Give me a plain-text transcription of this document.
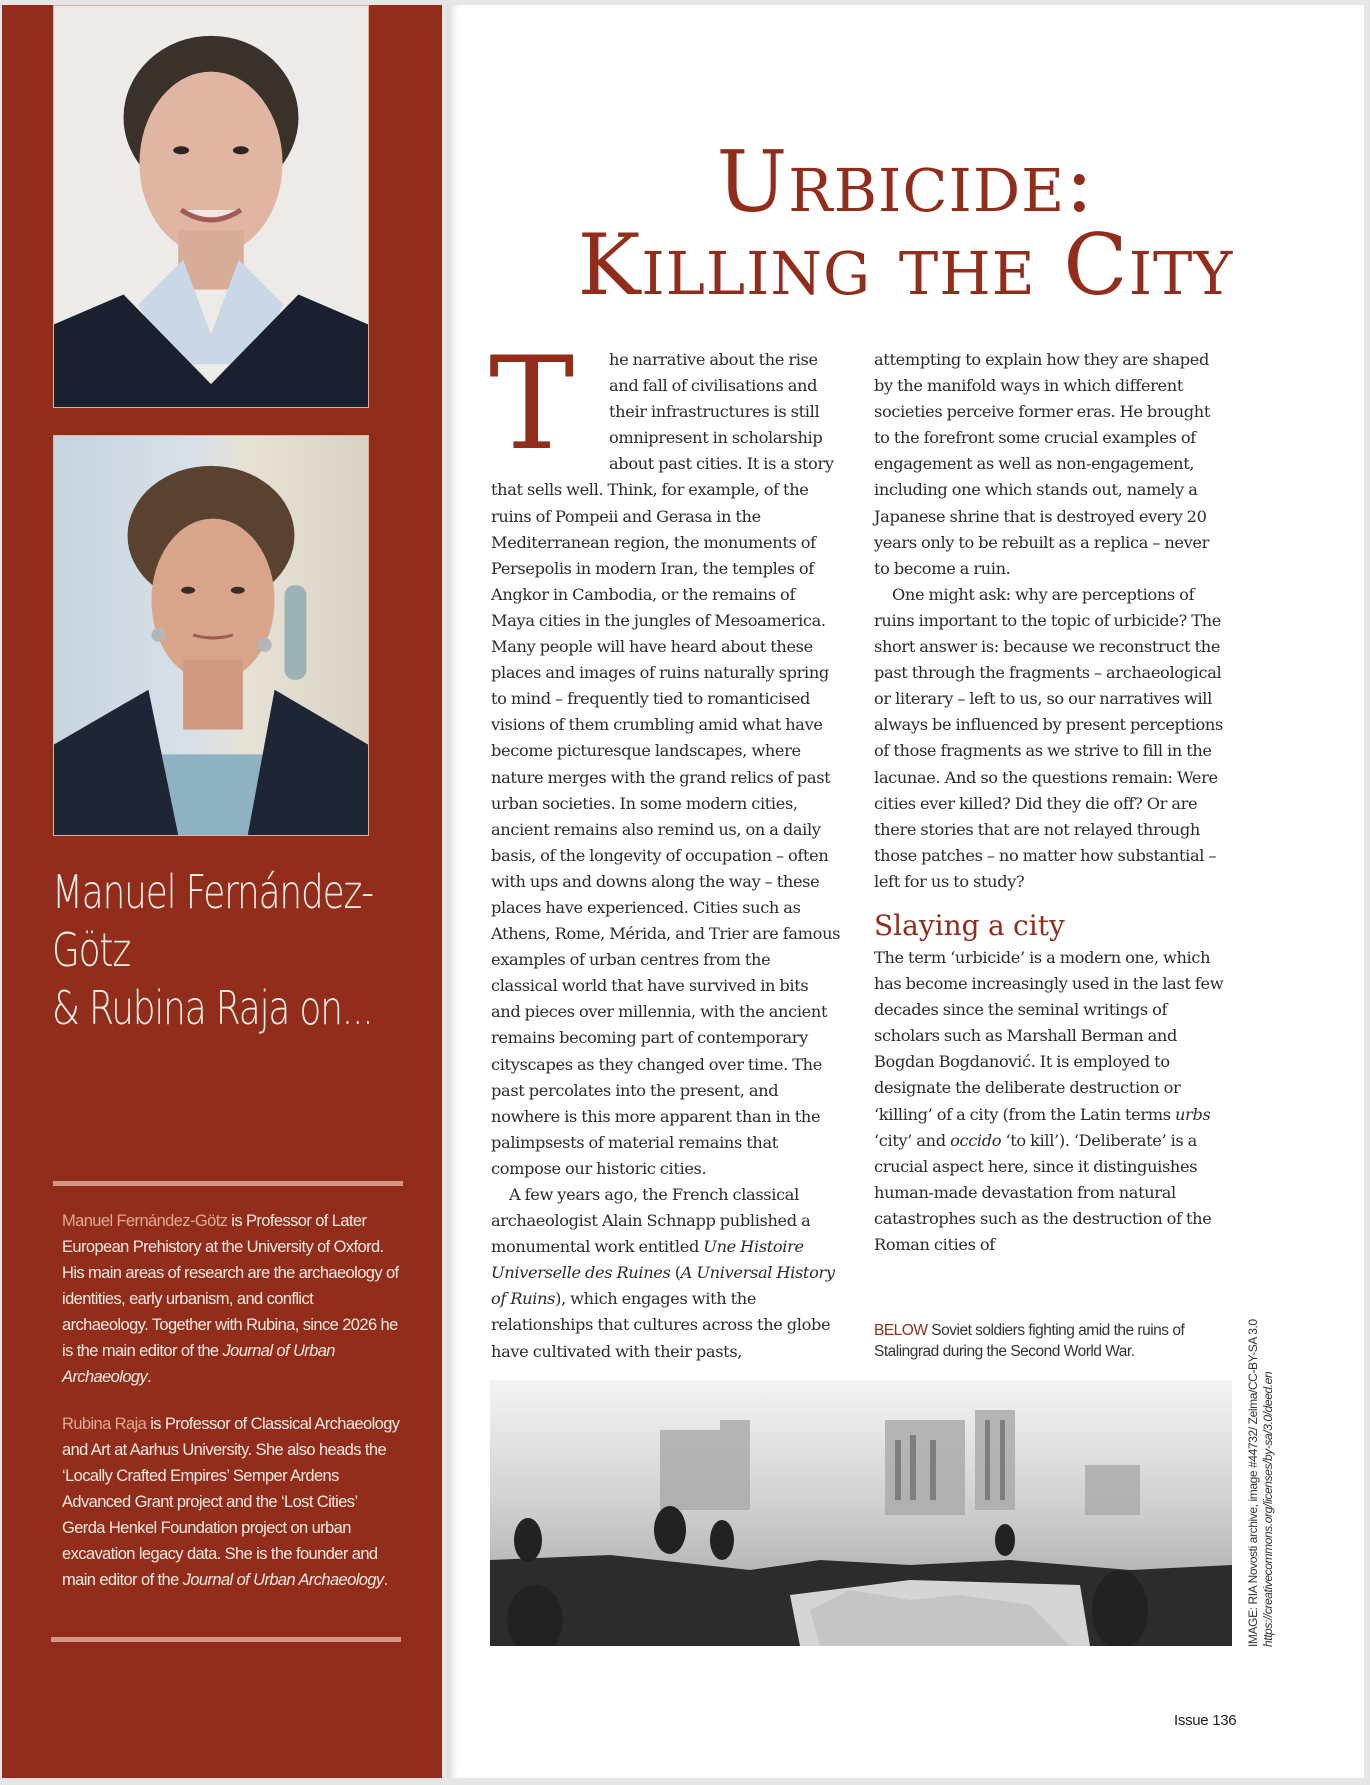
Manuel Fernández-Götz
& Rubina Raja on...

Manuel Fernández-Götz is Professor of Later European Prehistory at the University of Oxford. His main areas of research are the archaeology of identities, early urbanism, and conflict archaeology. Together with Rubina, since 2026 he is the main editor of the Journal of Urban Archaeology.

Rubina Raja is Professor of Classical Archaeology and Art at Aarhus University. She also heads the ‘Locally Crafted Empires’ Semper Ardens Advanced Grant project and the ‘Lost Cities’ Gerda Henkel Foundation project on urban excavation legacy data. She is the founder and main editor of the Journal of Urban Archaeology.

Urbicide:
Killing the City

T	he narrative about the rise and fall of civilisations and their infrastructures is still omnipresent in scholarship about past cities. It is a story that sells well. Think, for example, of the ruins of Pompeii and Gerasa in the Mediterranean region, the monuments of Persepolis in modern Iran, the temples of Angkor in Cambodia, or the remains of Maya cities in the jungles of Mesoamerica. Many people will have heard about these places and images of ruins naturally spring to mind – frequently tied to romanticised visions of them crumbling amid what have become picturesque landscapes, where nature merges with the grand relics of past urban societies. In some modern cities, ancient remains also remind us, on a daily basis, of the longevity of occupation – often with ups and downs along the way – these places have experienced. Cities such as Athens, Rome, Mérida, and Trier are famous examples of urban centres from the classical world that have survived in bits and pieces over millennia, with the ancient remains becoming part of contemporary cityscapes as they changed over time. The past percolates into the present, and nowhere is this more apparent than in the palimpsests of material remains that compose our historic cities.

A few years ago, the French classical archaeologist Alain Schnapp published a monumental work entitled Une Histoire Universelle des Ruines (A Universal History of Ruins), which engages with the relationships that cultures across the globe have cultivated with their pasts,

attempting to explain how they are shaped by the manifold ways in which different societies perceive former eras. He brought to the forefront some crucial examples of engagement as well as non-engagement, including one which stands out, namely a Japanese shrine that is destroyed every 20 years only to be rebuilt as a replica – never to become a ruin.

One might ask: why are perceptions of ruins important to the topic of urbicide? The short answer is: because we reconstruct the past through the fragments – archaeological or literary – left to us, so our narratives will always be influenced by present perceptions of those fragments as we strive to fill in the lacunae. And so the questions remain: Were cities ever killed? Did they die off? Or are there stories that are not relayed through those patches – no matter how substantial – left for us to study?

Slaying a city

The term ‘urbicide’ is a modern one, which has become increasingly used in the last few decades since the seminal writings of scholars such as Marshall Berman and Bogdan Bogdanović. It is employed to designate the deliberate destruction or ‘killing’ of a city (from the Latin terms urbs ‘city’ and occido ‘to kill’). ‘Deliberate’ is a crucial aspect here, since it distinguishes human-made devastation from natural catastrophes such as the destruction of the Roman cities of

BELOW Soviet soldiers fighting amid the ruins of Stalingrad during the Second World War.	IMAGE: RIA Novosti archive, image #44732/ Zelma/CC-BY-SA 3.0 https://creativecommons.org/licenses/by-sa/3.0/deed.en
Issue 136
